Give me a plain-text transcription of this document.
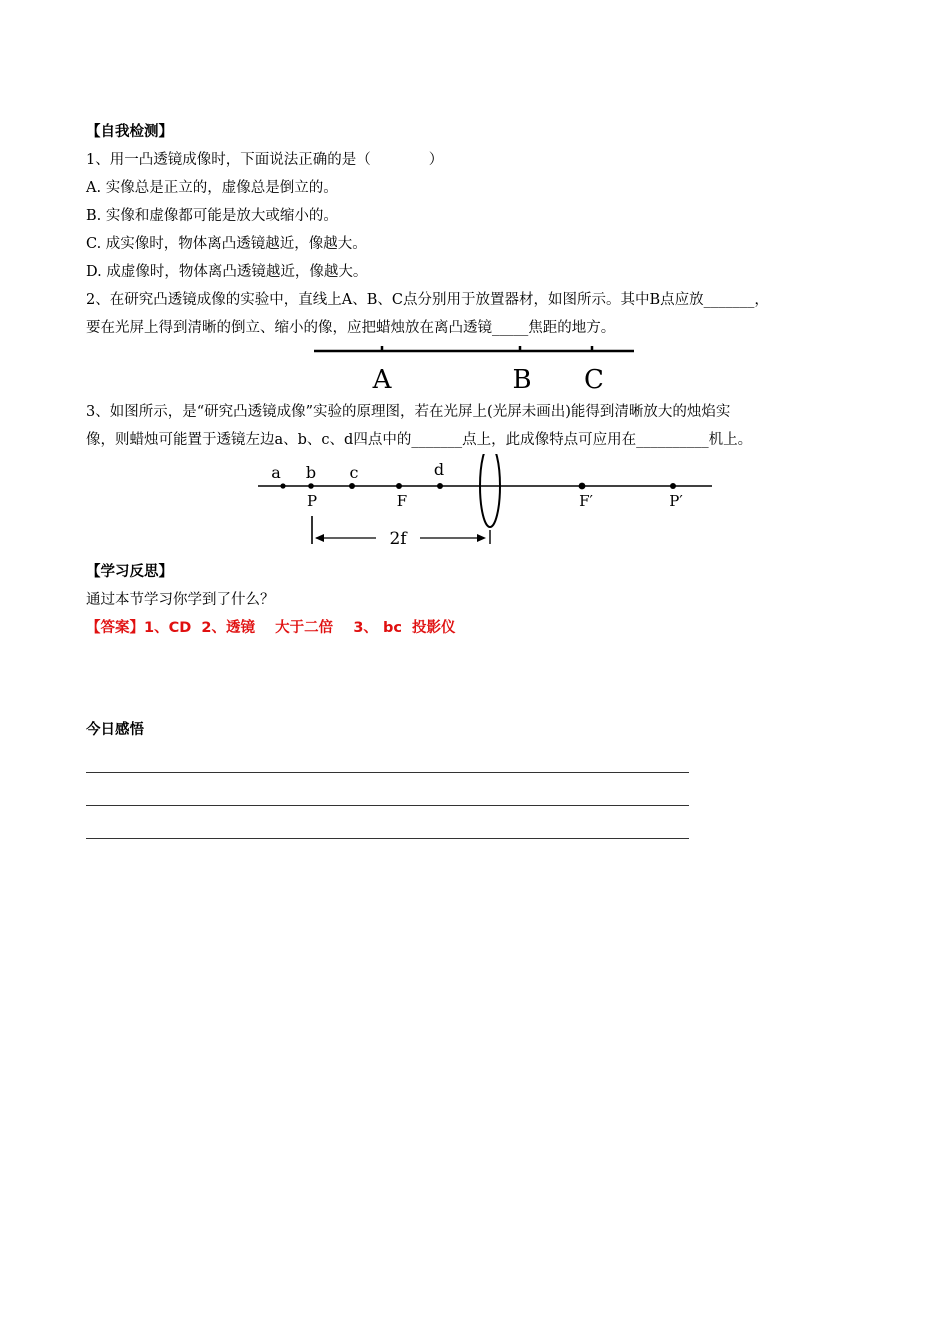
【自我检测】
1、用一凸透镜成像时，下面说法正确的是（　　　　）
A. 实像总是正立的，虚像总是倒立的。
B. 实像和虚像都可能是放大或缩小的。
C. 成实像时，物体离凸透镜越近，像越大。
D. 成虚像时，物体离凸透镜越近，像越大。
2、在研究凸透镜成像的实验中，直线上A、B、C点分别用于放置器材，如图所示。其中B点应放_______，
要在光屏上得到清晰的倒立、缩小的像，应把蜡烛放在离凸透镜_____焦距的地方。
A	B C
3、如图所示，是“研究凸透镜成像”实验的原理图，若在光屏上(光屏未画出)能得到清晰放大的烛焰实
像，则蜡烛可能置于透镜左边a、b、c、d四点中的_______点上，此成像特点可应用在__________机上。
a b c	d
P	F	F′	P′
2f
【学习反思】
通过本节学习你学到了什么？
【答案】1、CD  2、透镜    大于二倍    3、 bc  投影仪
今日感悟
